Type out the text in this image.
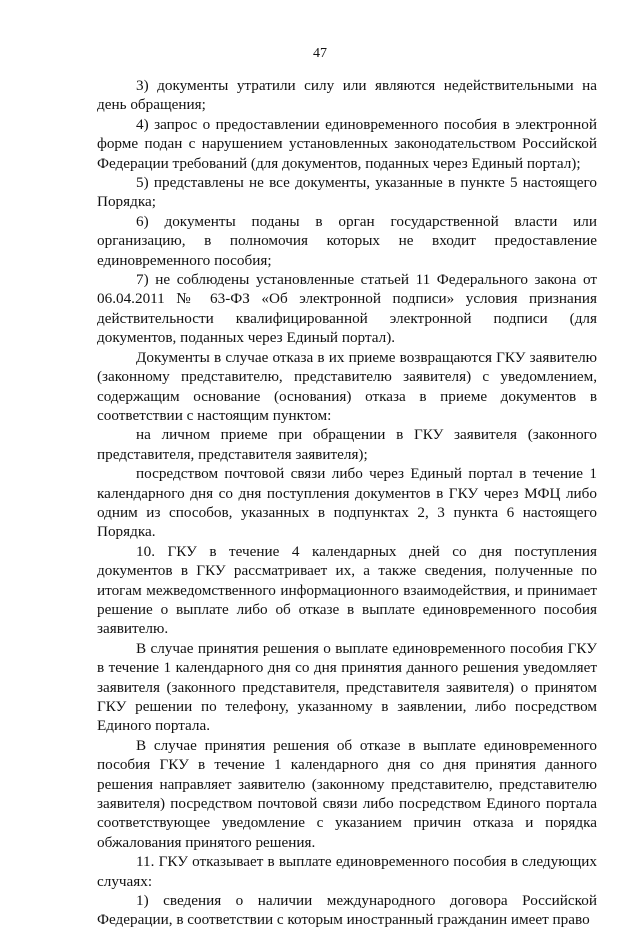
47

3) документы утратили силу или являются недействительными на день обращения;

4) запрос о предоставлении единовременного пособия в электронной форме подан с нарушением установленных законодательством Российской Федерации требований (для документов, поданных через Единый портал);

5) представлены не все документы, указанные в пункте 5 настоящего Порядка;

6) документы поданы в орган государственной власти или организацию, в полномочия которых не входит предоставление единовременного пособия;

7) не соблюдены установленные статьей 11 Федерального закона от 06.04.2011 № 63-ФЗ «Об электронной подписи» условия признания действительности квалифицированной электронной подписи (для документов, поданных через Единый портал).

Документы в случае отказа в их приеме возвращаются ГКУ заявителю (законному представителю, представителю заявителя) с уведомлением, содержащим основание (основания) отказа в приеме документов в соответствии с настоящим пунктом:

на личном приеме при обращении в ГКУ заявителя (законного представителя, представителя заявителя);

посредством почтовой связи либо через Единый портал в течение 1 календарного дня со дня поступления документов в ГКУ через МФЦ либо одним из способов, указанных в подпунктах 2, 3 пункта 6 настоящего Порядка.

10. ГКУ в течение 4 календарных дней со дня поступления документов в ГКУ рассматривает их, а также сведения, полученные по итогам межведомственного информационного взаимодействия, и принимает решение о выплате либо об отказе в выплате единовременного пособия заявителю.

В случае принятия решения о выплате единовременного пособия ГКУ в течение 1 календарного дня со дня принятия данного решения уведомляет заявителя (законного представителя, представителя заявителя) о принятом ГКУ решении по телефону, указанному в заявлении, либо посредством Единого портала.

В случае принятия решения об отказе в выплате единовременного пособия ГКУ в течение 1 календарного дня со дня принятия данного решения направляет заявителю (законному представителю, представителю заявителя) посредством почтовой связи либо посредством Единого портала соответствующее уведомление с указанием причин отказа и порядка обжалования принятого решения.

11. ГКУ отказывает в выплате единовременного пособия в следующих случаях:

1) сведения о наличии международного договора Российской Федерации, в соответствии с которым иностранный гражданин имеет право
